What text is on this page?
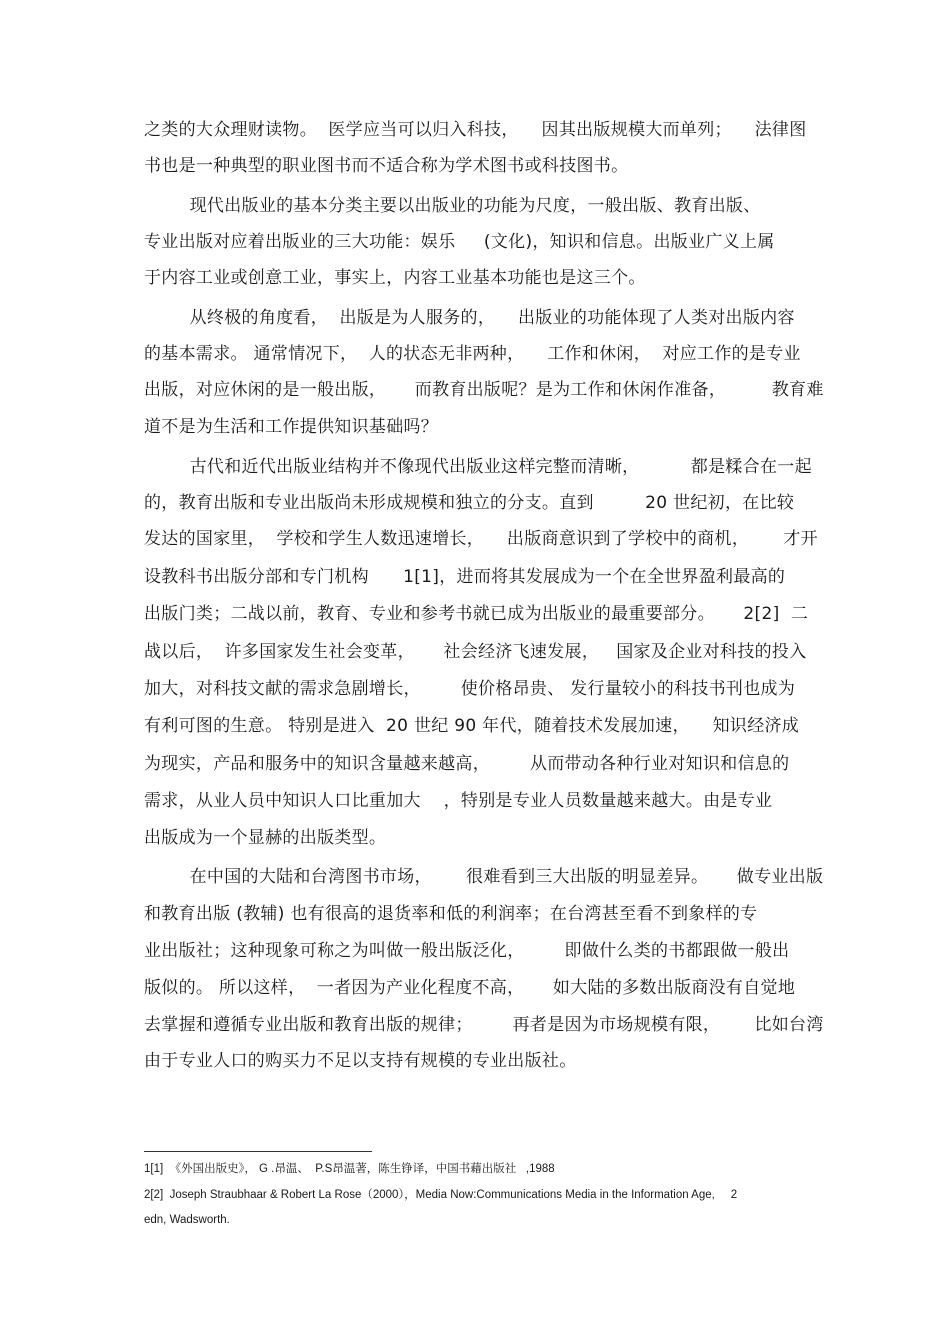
之类的大众理财读物。  医学应当可以归入科技，    因其出版规模大而单列；    法律图
书也是一种典型的职业图书而不适合称为学术图书或科技图书。
现代出版业的基本分类主要以出版业的功能为尺度，一般出版、教育出版、
专业出版对应着出版业的三大功能：娱乐     (文化)，知识和信息。出版业广义上属
于内容工业或创意工业，事实上，内容工业基本功能也是这三个。
从终极的角度看，  出版是为人服务的，    出版业的功能体现了人类对出版内容
的基本需求。 通常情况下，  人的状态无非两种，    工作和休闲，  对应工作的是专业
出版，对应休闲的是一般出版，     而教育出版呢？是为工作和休闲作准备，        教育难
道不是为生活和工作提供知识基础吗？
古代和近代出版业结构并不像现代出版业这样完整而清晰，         都是糅合在一起
的，教育出版和专业出版尚未形成规模和独立的分支。直到         20 世纪初，在比较
发达的国家里，  学校和学生人数迅速增长，    出版商意识到了学校中的商机，      才开
设教科书出版分部和专门机构      1[1]，进而将其发展成为一个在全世界盈利最高的
出版门类；二战以前，教育、专业和参考书就已成为出版业的最重要部分。     2[2]  二
战以后，  许多国家发生社会变革，     社会经济飞速发展，   国家及企业对科技的投入
加大，对科技文献的需求急剧增长，       使价格昂贵、 发行量较小的科技书刊也成为
有利可图的生意。 特别是进入  20 世纪 90 年代，随着技术发展加速，    知识经济成
为现实，产品和服务中的知识含量越来越高，       从而带动各种行业对知识和信息的
需求，从业人员中知识人口比重加大    ，特别是专业人员数量越来越大。由是专业
出版成为一个显赫的出版类型。
在中国的大陆和台湾图书市场，      很难看到三大出版的明显差异。     做专业出版
和教育出版 (教辅) 也有很高的退货率和低的利润率；在台湾甚至看不到象样的专
业出版社；这种现象可称之为叫做一般出版泛化，       即做什么类的书都跟做一般出
版似的。 所以这样，  一者因为产业化程度不高，     如大陆的多数出版商没有自觉地
去掌握和遵循专业出版和教育出版的规律；       再者是因为市场规模有限，      比如台湾
由于专业人口的购买力不足以支持有规模的专业出版社。
1[1]  《外国出版史》， G .昂温、  P.S昂温著，陈生铮译，中国书藉出版社   ,1988
2[2]  Joseph Straubhaar & Robert La Rose（2000），Media Now:Communications Media in the Information Age,     2
edn, Wadsworth.
